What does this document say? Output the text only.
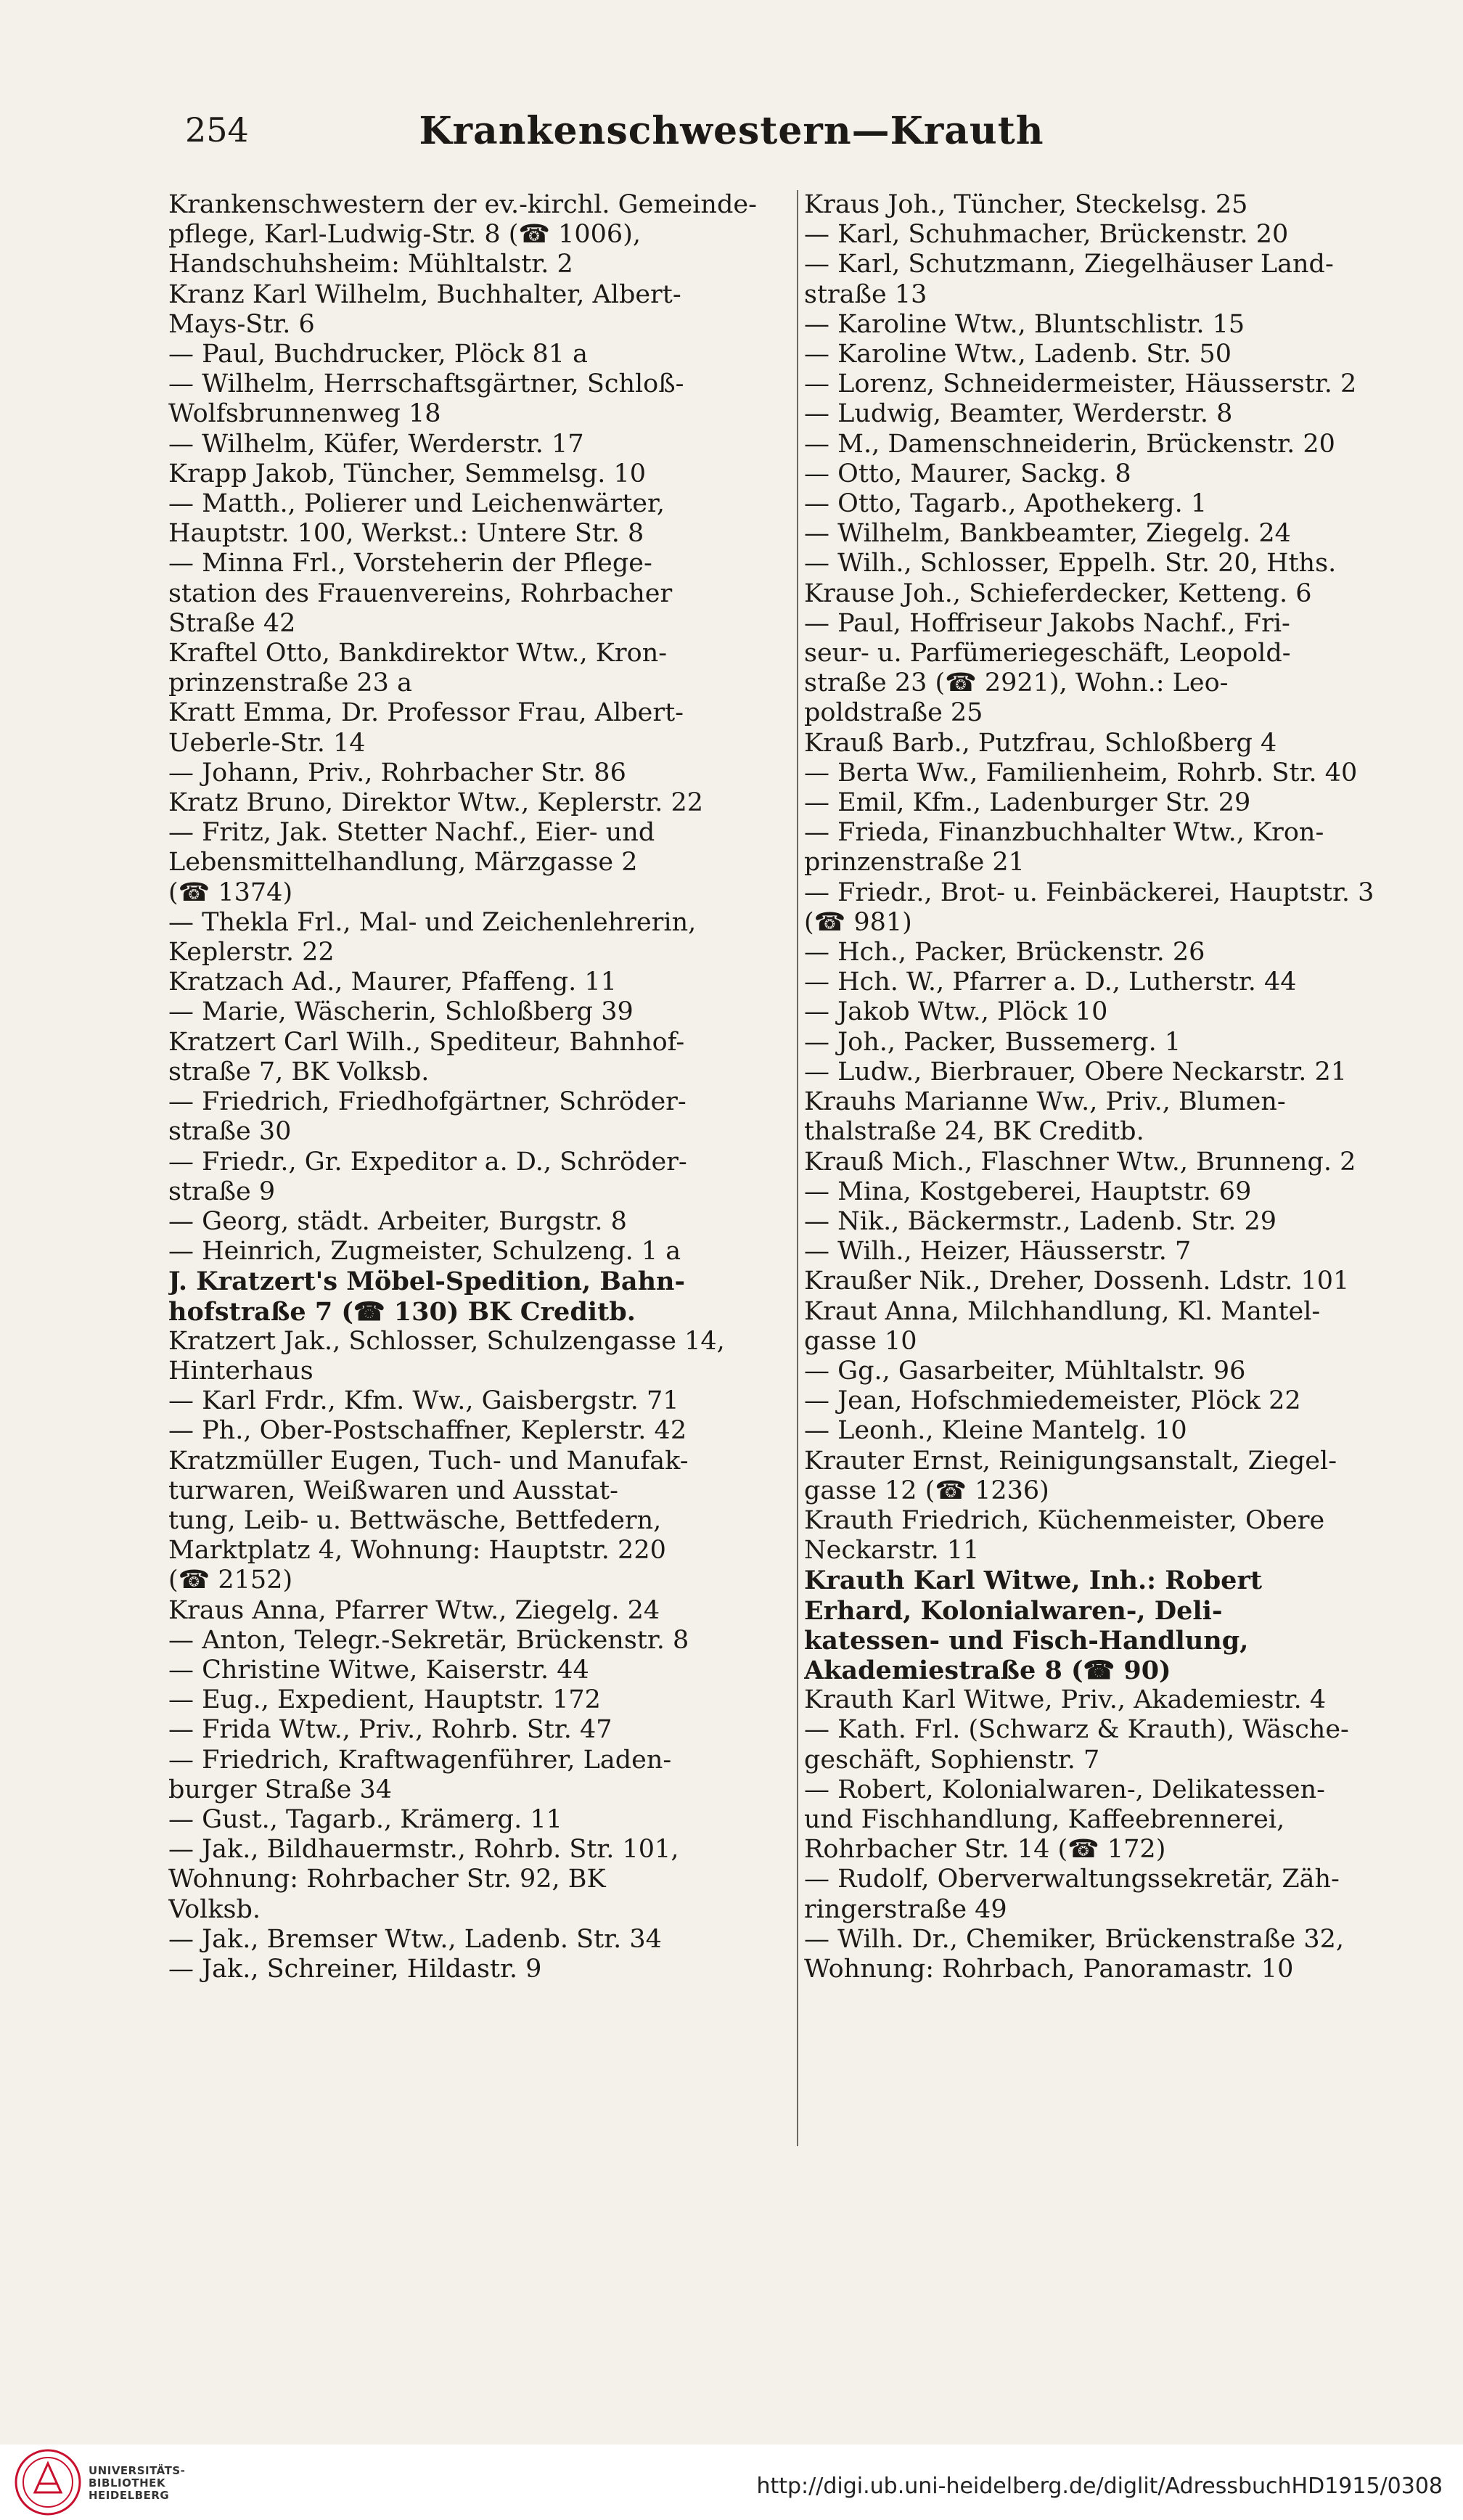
254	Krankenschwestern—Krauth
Krankenschwestern der ev.-kirchl. Gemeinde-
pflege, Karl-Ludwig-Str. 8 (☎ 1006),
Handschuhsheim: Mühltalstr. 2
Kranz Karl Wilhelm, Buchhalter, Albert-
Mays-Str. 6
— Paul, Buchdrucker, Plöck 81 a
— Wilhelm, Herrschaftsgärtner, Schloß-
Wolfsbrunnenweg 18
— Wilhelm, Küfer, Werderstr. 17
Krapp Jakob, Tüncher, Semmelsg. 10
— Matth., Polierer und Leichenwärter,
Hauptstr. 100, Werkst.: Untere Str. 8
— Minna Frl., Vorsteherin der Pflege-
station des Frauenvereins, Rohrbacher
Straße 42
Kraftel Otto, Bankdirektor Wtw., Kron-
prinzenstraße 23 a
Kratt Emma, Dr. Professor Frau, Albert-
Ueberle-Str. 14
— Johann, Priv., Rohrbacher Str. 86
Kratz Bruno, Direktor Wtw., Keplerstr. 22
— Fritz, Jak. Stetter Nachf., Eier- und
Lebensmittelhandlung, Märzgasse 2
(☎ 1374)
— Thekla Frl., Mal- und Zeichenlehrerin,
Keplerstr. 22
Kratzach Ad., Maurer, Pfaffeng. 11
— Marie, Wäscherin, Schloßberg 39
Kratzert Carl Wilh., Spediteur, Bahnhof-
straße 7, BK Volksb.
— Friedrich, Friedhofgärtner, Schröder-
straße 30
— Friedr., Gr. Expeditor a. D., Schröder-
straße 9
— Georg, städt. Arbeiter, Burgstr. 8
— Heinrich, Zugmeister, Schulzeng. 1 a
J. Kratzert's Möbel-Spedition, Bahn-
hofstraße 7 (☎ 130) BK Creditb.
Kratzert Jak., Schlosser, Schulzengasse 14,
Hinterhaus
— Karl Frdr., Kfm. Ww., Gaisbergstr. 71
— Ph., Ober-Postschaffner, Keplerstr. 42
Kratzmüller Eugen, Tuch- und Manufak-
turwaren, Weißwaren und Ausstat-
tung, Leib- u. Bettwäsche, Bettfedern,
Marktplatz 4, Wohnung: Hauptstr. 220
(☎ 2152)
Kraus Anna, Pfarrer Wtw., Ziegelg. 24
— Anton, Telegr.-Sekretär, Brückenstr. 8
— Christine Witwe, Kaiserstr. 44
— Eug., Expedient, Hauptstr. 172
— Frida Wtw., Priv., Rohrb. Str. 47
— Friedrich, Kraftwagenführer, Laden-
burger Straße 34
— Gust., Tagarb., Krämerg. 11
— Jak., Bildhauermstr., Rohrb. Str. 101,
Wohnung: Rohrbacher Str. 92, BK
Volksb.
— Jak., Bremser Wtw., Ladenb. Str. 34
— Jak., Schreiner, Hildastr. 9
Kraus Joh., Tüncher, Steckelsg. 25
— Karl, Schuhmacher, Brückenstr. 20
— Karl, Schutzmann, Ziegelhäuser Land-
straße 13
— Karoline Wtw., Bluntschlistr. 15
— Karoline Wtw., Ladenb. Str. 50
— Lorenz, Schneidermeister, Häusserstr. 2
— Ludwig, Beamter, Werderstr. 8
— M., Damenschneiderin, Brückenstr. 20
— Otto, Maurer, Sackg. 8
— Otto, Tagarb., Apothekerg. 1
— Wilhelm, Bankbeamter, Ziegelg. 24
— Wilh., Schlosser, Eppelh. Str. 20, Hths.
Krause Joh., Schieferdecker, Ketteng. 6
— Paul, Hoffriseur Jakobs Nachf., Fri-
seur- u. Parfümeriegeschäft, Leopold-
straße 23 (☎ 2921), Wohn.: Leo-
poldstraße 25
Krauß Barb., Putzfrau, Schloßberg 4
— Berta Ww., Familienheim, Rohrb. Str. 40
— Emil, Kfm., Ladenburger Str. 29
— Frieda, Finanzbuchhalter Wtw., Kron-
prinzenstraße 21
— Friedr., Brot- u. Feinbäckerei, Hauptstr. 3
(☎ 981)
— Hch., Packer, Brückenstr. 26
— Hch. W., Pfarrer a. D., Lutherstr. 44
— Jakob Wtw., Plöck 10
— Joh., Packer, Bussemerg. 1
— Ludw., Bierbrauer, Obere Neckarstr. 21
Krauhs Marianne Ww., Priv., Blumen-
thalstraße 24, BK Creditb.
Krauß Mich., Flaschner Wtw., Brunneng. 2
— Mina, Kostgeberei, Hauptstr. 69
— Nik., Bäckermstr., Ladenb. Str. 29
— Wilh., Heizer, Häusserstr. 7
Kraußer Nik., Dreher, Dossenh. Ldstr. 101
Kraut Anna, Milchhandlung, Kl. Mantel-
gasse 10
— Gg., Gasarbeiter, Mühltalstr. 96
— Jean, Hofschmiedemeister, Plöck 22
— Leonh., Kleine Mantelg. 10
Krauter Ernst, Reinigungsanstalt, Ziegel-
gasse 12 (☎ 1236)
Krauth Friedrich, Küchenmeister, Obere
Neckarstr. 11
Krauth Karl Witwe, Inh.: Robert
Erhard, Kolonialwaren-, Deli-
katessen- und Fisch-Handlung,
Akademiestraße 8 (☎ 90)
Krauth Karl Witwe, Priv., Akademiestr. 4
— Kath. Frl. (Schwarz & Krauth), Wäsche-
geschäft, Sophienstr. 7
— Robert, Kolonialwaren-, Delikatessen-
und Fischhandlung, Kaffeebrennerei,
Rohrbacher Str. 14 (☎ 172)
— Rudolf, Oberverwaltungssekretär, Zäh-
ringerstraße 49
— Wilh. Dr., Chemiker, Brückenstraße 32,
Wohnung: Rohrbach, Panoramastr. 10
UNIVERSITÄTS-
BIBLIOTHEK
HEIDELBERG	http://digi.ub.uni-heidelberg.de/diglit/AdressbuchHD1915/0308
